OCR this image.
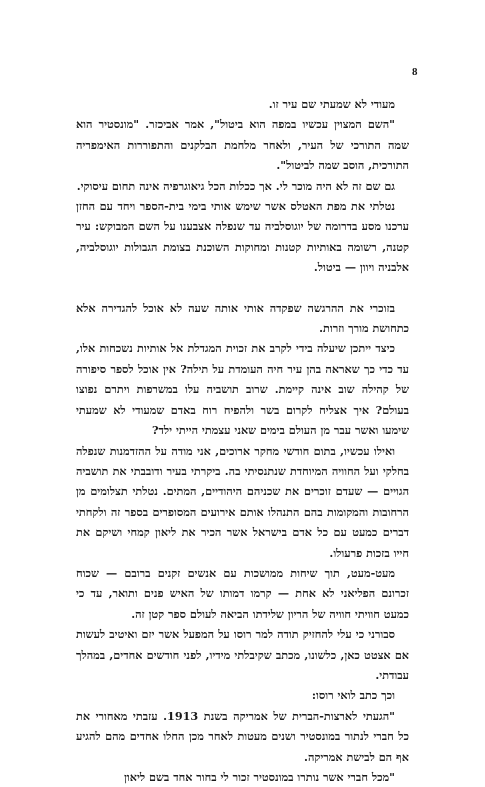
8

מעודי לא שמעתי שם עיר זו.

"השם המצוין עכשיו במפה הוא ביטול", אמר אביכזר. "מונסטיר הוא שמה התורכי של העיר, ולאחר מלחמת הבלקנים והתפוררות האימפריה התורכית, הוסב שמה לביטול".

גם שם זה לא היה מוכר לי. אך ככלות הכל גיאוגרפיה אינה תחום עיסוקי.

נטלתי את מפת האטלס אשר שימש אותי בימי בית-הספר ויחד עם החזן ערכנו מסע בדרומה של יוגוסלביה עד שנפלה אצבענו על השם המבוקש: עיר קטנה, רשומה באותיות קטנות ומחוקות השוכנת בצומת הגבולות יוגוסלביה, אלבניה ויוון — ביטול.

בזוכרי את ההרגשה שפקדה אותי אותה שעה לא אוכל להגדירה אלא כתחושת מורך וזרות.

כיצד ייתכן שיעלה בידי לקרב את זכוית המגדלת אל אותיות נשכחות אלו, עד כדי כך שאראה בהן עיר חיה העומדת על תילה? אין אוכל לספר סיפורה של קהילה שוב אינה קיימת. שרוב תושביה עלו במשרפות ויתרם נפוצו בעולם? איך אצליח לקרום בשר ולהפיח רוח באדם שמעודי לא שמעתי שימעו ואשר עבר מן העולם בימים שאני עצמתי הייתי ילד?

ואילו עכשיו, בתום חודשי מחקר ארוכים, אני מודה על ההזדמנות שנפלה בחלקי ועל החוויה המיוחדת שנתנסיתי בה. ביקרתי בעיר ודובבתי את תושביה הגויים — שעדם זוכרים את שכניהם היהודיים, המתים. נטלתי תצלומים מן הרחובות והמקומות בהם התנהלו אותם אירועים המסופרים בספר זה ולקחתי דברים כמעט עם כל אדם בישראל אשר הכיר את ליאון קמחי ושיקם את חייו בזכות פרעולו.

מעט-מעט, תוך שיחות ממושכות עם אנשים זקנים ברובם — שכוח זכרונם הפליאני לא אחת — קרמו דמותו של האיש פנים ותואר, עד כי כמעט חוויתי חוויה של הריון שלידתו הביאה לעולם ספר קטן זה.

סבורני כי עלי להחזיק תודה למר רוסו על המפעל אשר יזם ואיטיב לעשות אם אצטט כאן, כלשונו, מכתב שקיבלתי מידיו, לפני חודשים אחדים, במהלך עבודתי.

וכך כתב לואי רוסו:

"הגעתי לארצות-הברית של אמריקה בשנת 1913. עזבתי מאחורי את כל חברי לנתור במונסטיר ושנים מעטות לאחר מכן החלו אחדים מהם להגיע אף הם לבישת אמריקה.

"מכל חברי אשר נותרו במונסטיר זכור לי בחור אחד בשם ליאון
